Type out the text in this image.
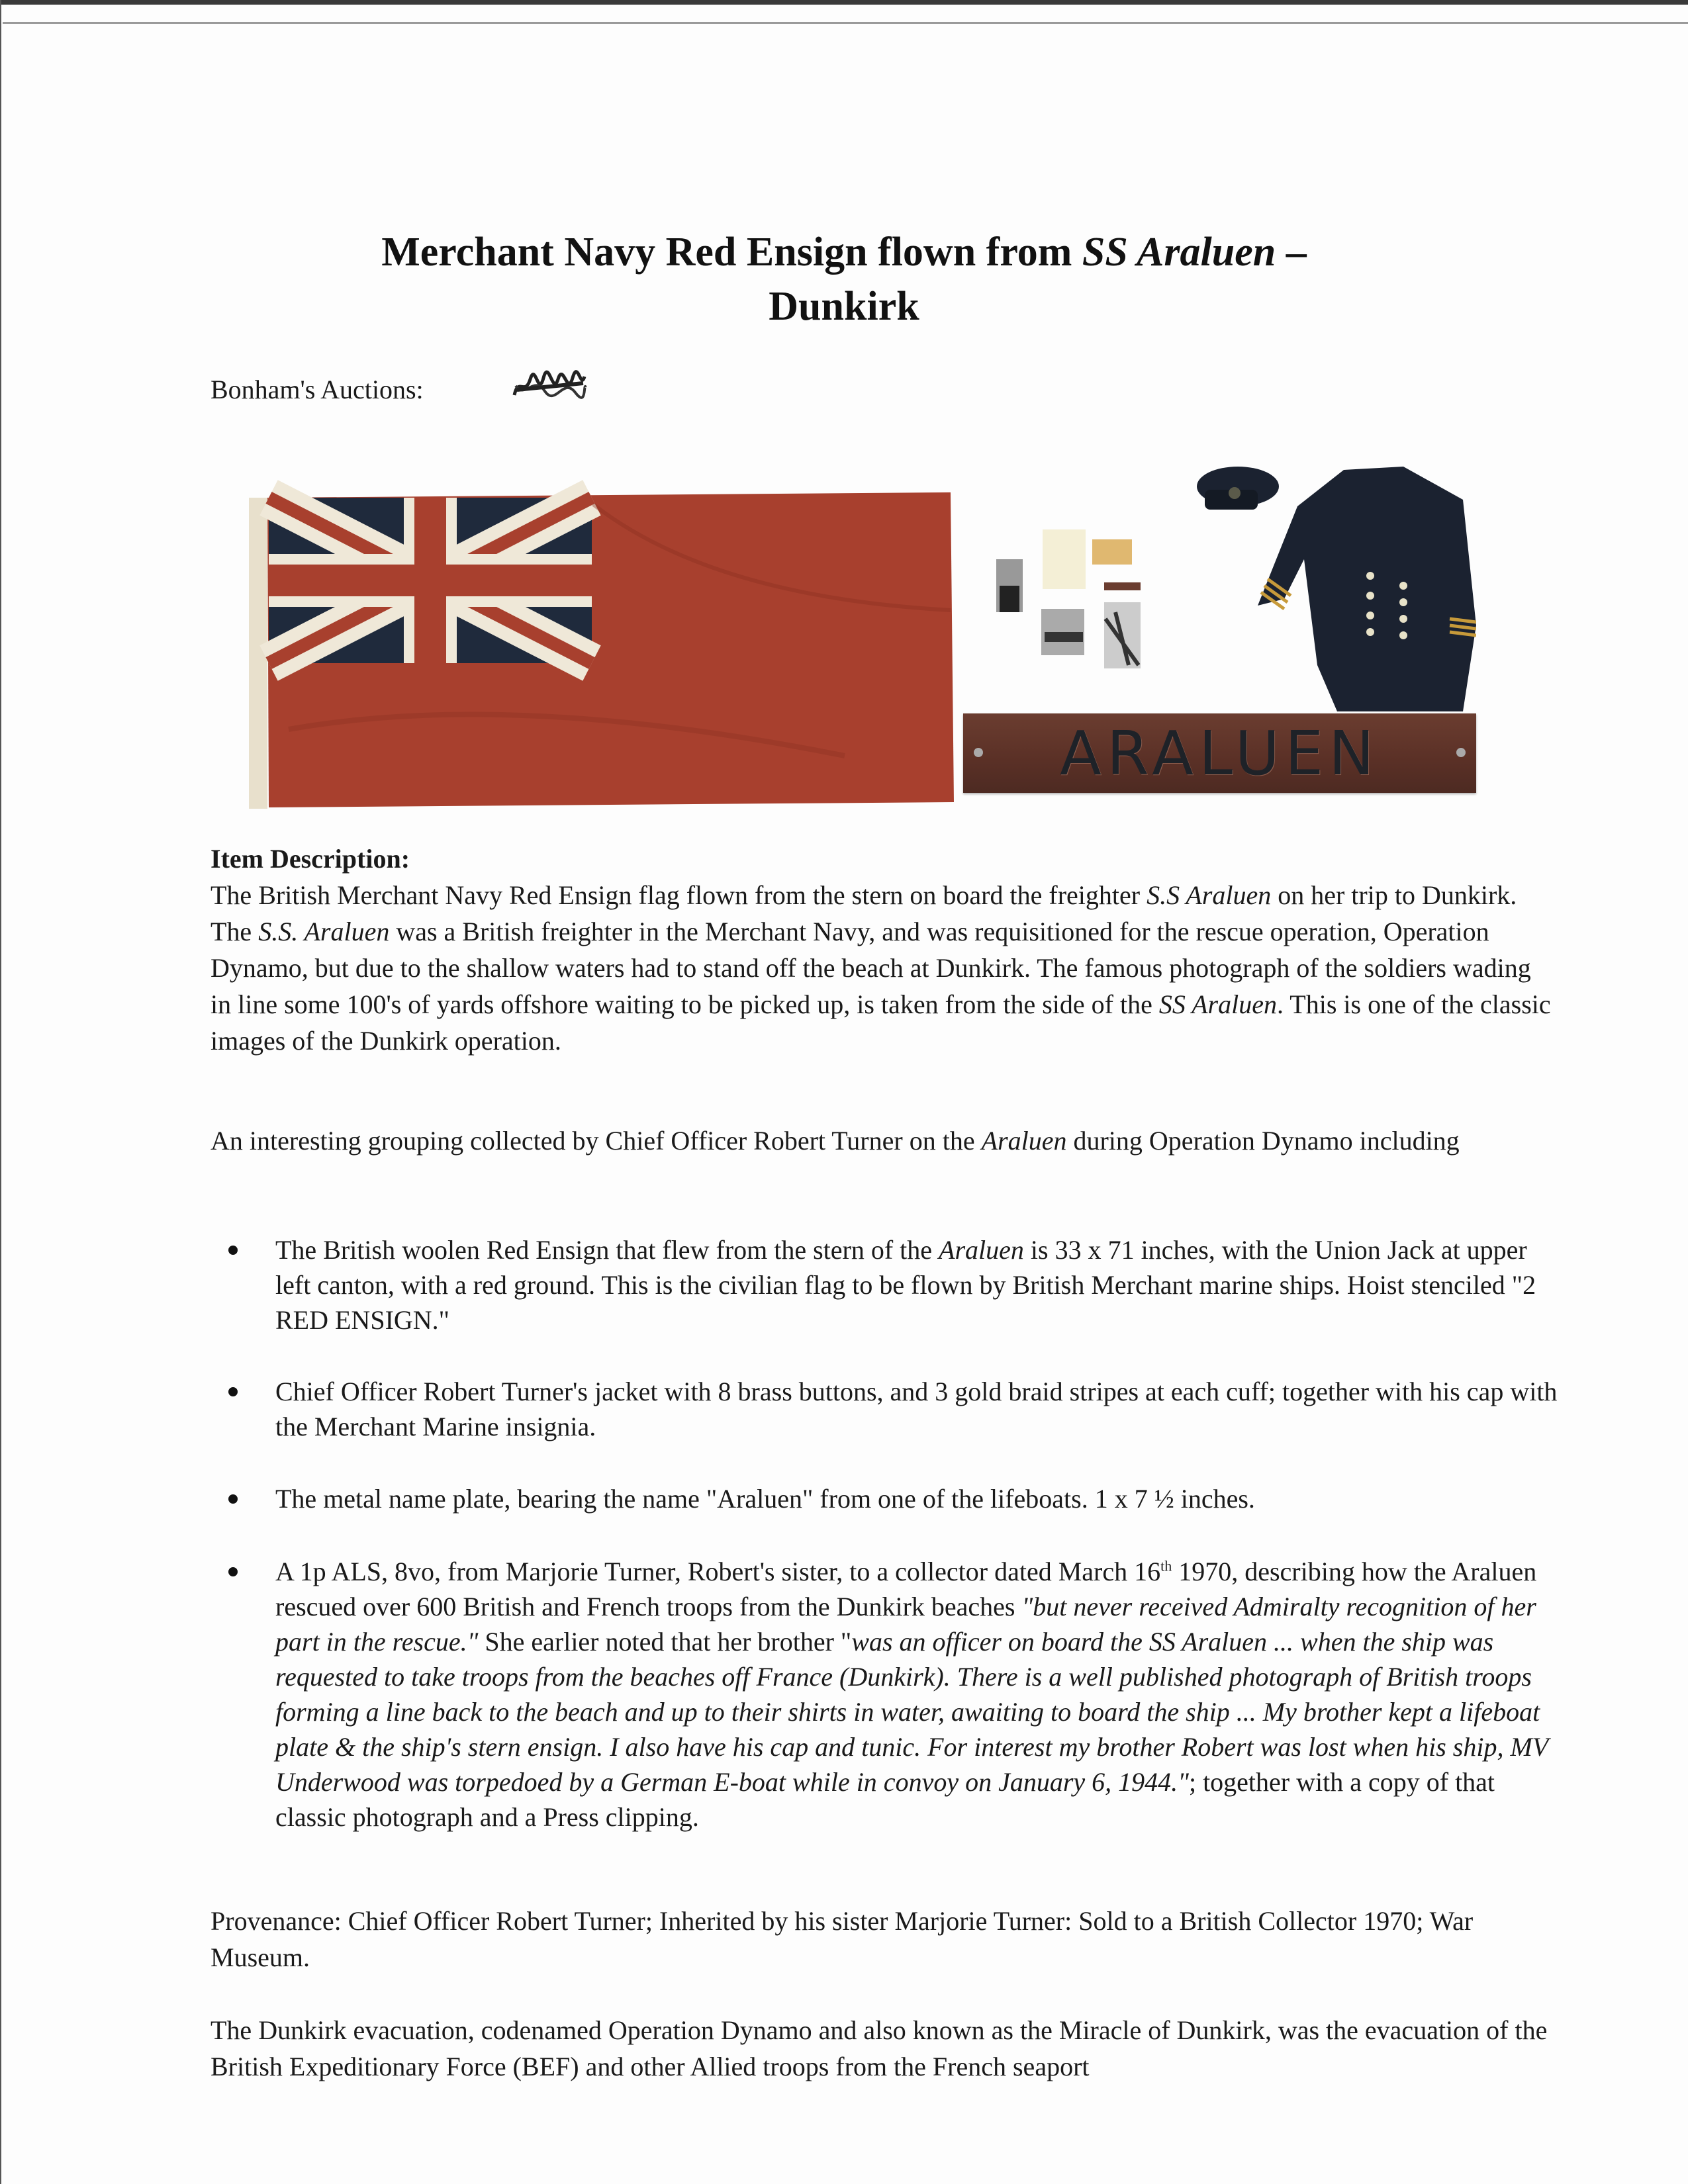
Merchant Navy Red Ensign flown from SS Araluen –
Dunkirk
Bonham's Auctions:
ARALUEN
Item Description:
The British Merchant Navy Red Ensign flag flown from the stern on board the freighter S.S Araluen on her trip to Dunkirk. The S.S. Araluen was a British freighter in the Merchant Navy, and was requisitioned for the rescue operation, Operation Dynamo, but due to the shallow waters had to stand off the beach at Dunkirk. The famous photograph of the soldiers wading in line some 100's of yards offshore waiting to be picked up, is taken from the side of the SS Araluen. This is one of the classic images of the Dunkirk operation.
An interesting grouping collected by Chief Officer Robert Turner on the Araluen during Operation Dynamo including
The British woolen Red Ensign that flew from the stern of the Araluen is 33 x 71 inches, with the Union Jack at upper left canton, with a red ground. This is the civilian flag to be flown by British Merchant marine ships. Hoist stenciled "2 RED ENSIGN."
Chief Officer Robert Turner's jacket with 8 brass buttons, and 3 gold braid stripes at each cuff; together with his cap with the Merchant Marine insignia.
The metal name plate, bearing the name "Araluen" from one of the lifeboats. 1 x 7 ½ inches.
A 1p ALS, 8vo, from Marjorie Turner, Robert's sister, to a collector dated March 16th 1970, describing how the Araluen rescued over 600 British and French troops from the Dunkirk beaches "but never received Admiralty recognition of her part in the rescue." She earlier noted that her brother "was an officer on board the SS Araluen ... when the ship was requested to take troops from the beaches off France (Dunkirk). There is a well published photograph of British troops forming a line back to the beach and up to their shirts in water, awaiting to board the ship ... My brother kept a lifeboat plate & the ship's stern ensign. I also have his cap and tunic. For interest my brother Robert was lost when his ship, MV Underwood was torpedoed by a German E-boat while in convoy on January 6, 1944."; together with a copy of that classic photograph and a Press clipping.
Provenance: Chief Officer Robert Turner; Inherited by his sister Marjorie Turner: Sold to a British Collector 1970; War Museum.
The Dunkirk evacuation, codenamed Operation Dynamo and also known as the Miracle of Dunkirk, was the evacuation of the British Expeditionary Force (BEF) and other Allied troops from the French seaport
